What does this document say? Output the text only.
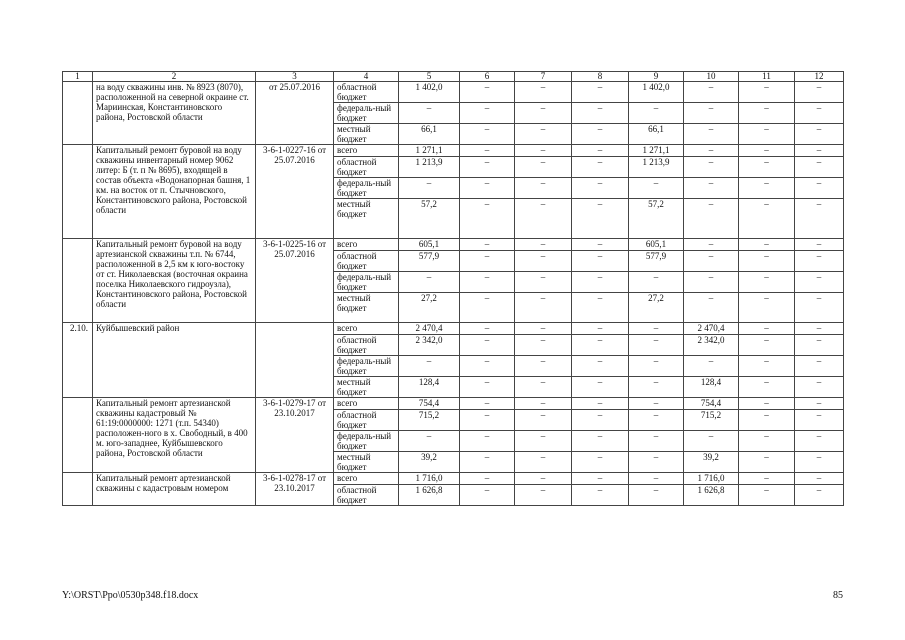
1	2	3	4	5	6	7	8	9	10	11	12
	на воду скважины инв. № 8923 (8070), расположенной на северной окраине ст. Мариинская, Константиновского района, Ростовской области	от 25.07.2016	областной бюджет	1 402,0	–	–	–	1 402,0	–	–	–
			федераль-ный бюджет	–	–	–	–	–	–	–	–
			местный бюджет	66,1	–	–	–	66,1	–	–	–
	Капитальный ремонт буровой на воду скважины инвентарный номер 9062 литер: Б (т. п № 8695), входящей в состав объекта «Водонапорная башня, 1 км. на восток от п. Стычновского, Константиновского района, Ростовской области	3-6-1-0227-16 от 25.07.2016	всего	1 271,1	–	–	–	1 271,1	–	–	–
			областной бюджет	1 213,9	–	–	–	1 213,9	–	–	–
			федераль-ный бюджет	–	–	–	–	–	–	–	–
			местный бюджет	57,2	–	–	–	57,2	–	–	–
	Капитальный ремонт буровой на воду артезианской скважины т.п. № 6744, расположенной в 2,5 км к юго-востоку от ст. Николаевская (восточная окраина поселка Николаевского гидроузла), Константиновского района, Ростовской области	3-6-1-0225-16 от 25.07.2016	всего	605,1	–	–	–	605,1	–	–	–
			областной бюджет	577,9	–	–	–	577,9	–	–	–
			федераль-ный бюджет	–	–	–	–	–	–	–	–
			местный бюджет	27,2	–	–	–	27,2	–	–	–
2.10.	Куйбышевский район		всего	2 470,4	–	–	–	–	2 470,4	–	–
			областной бюджет	2 342,0	–	–	–	–	2 342,0	–	–
			федераль-ный бюджет	–	–	–	–	–	–	–	–
			местный бюджет	128,4	–	–	–	–	128,4	–	–
	Капитальный ремонт артезианской скважины кадастровый № 61:19:0000000: 1271 (т.п. 54340) расположен-ного в х. Свободный, в 400 м. юго-западнее, Куйбышевского района, Ростовской области	3-6-1-0279-17 от 23.10.2017	всего	754,4	–	–	–	–	754,4	–	–
			областной бюджет	715,2	–	–	–	–	715,2	–	–
			федераль-ный бюджет	–	–	–	–	–	–	–	–
			местный бюджет	39,2	–	–	–	–	39,2	–	–
	Капитальный ремонт артезианской скважины с кадастровым номером	3-6-1-0278-17 от 23.10.2017	всего	1 716,0	–	–	–	–	1 716,0	–	–
			областной бюджет	1 626,8	–	–	–	–	1 626,8	–	–
Y:\ORST\Ppo\0530p348.f18.docx	85
